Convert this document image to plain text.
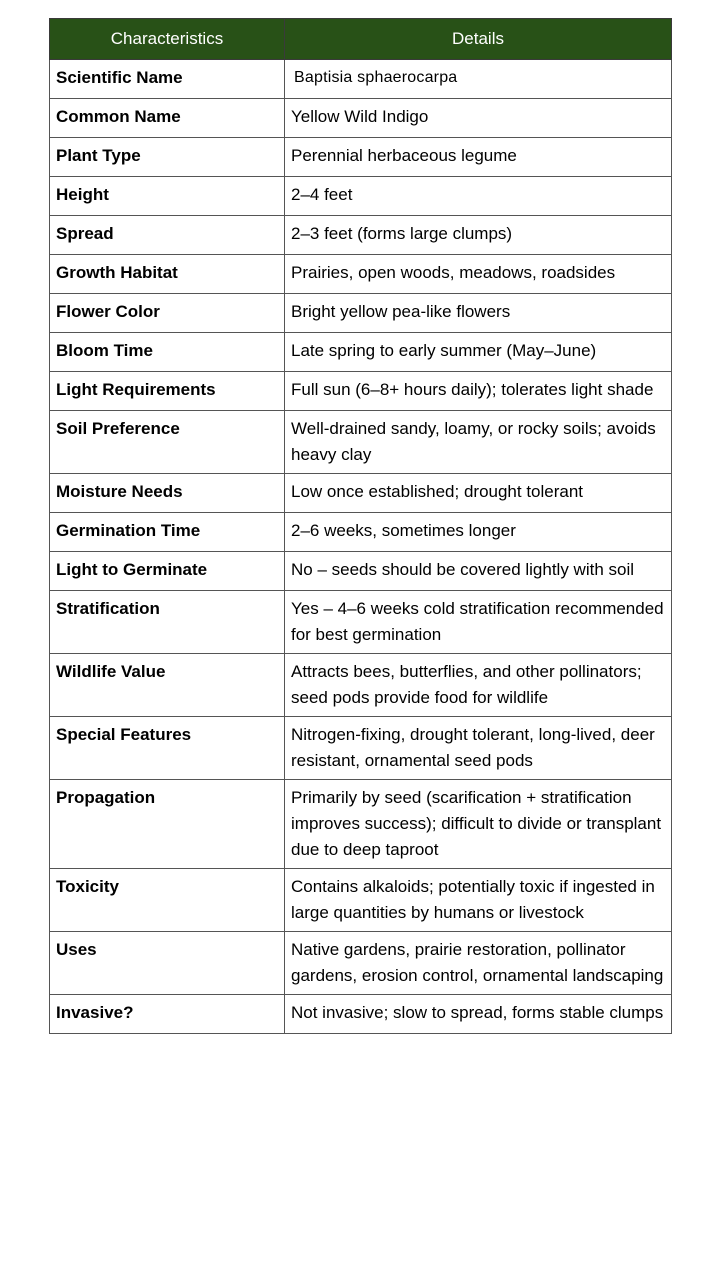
Characteristics	Details
Scientific Name	Baptisia sphaerocarpa
Common Name	Yellow Wild Indigo
Plant Type	Perennial herbaceous legume
Height	2–4 feet
Spread	2–3 feet (forms large clumps)
Growth Habitat	Prairies, open woods, meadows, roadsides
Flower Color	Bright yellow pea-like flowers
Bloom Time	Late spring to early summer (May–June)
Light Requirements	Full sun (6–8+ hours daily); tolerates light shade
Soil Preference	Well-drained sandy, loamy, or rocky soils; avoids heavy clay
Moisture Needs	Low once established; drought tolerant
Germination Time	2–6 weeks, sometimes longer
Light to Germinate	No – seeds should be covered lightly with soil
Stratification	Yes – 4–6 weeks cold stratification recommended for best germination
Wildlife Value	Attracts bees, butterflies, and other pollinators; seed pods provide food for wildlife
Special Features	Nitrogen-fixing, drought tolerant, long-lived, deer resistant, ornamental seed pods
Propagation	Primarily by seed (scarification + stratification improves success); difficult to divide or transplant due to deep taproot
Toxicity	Contains alkaloids; potentially toxic if ingested in large quantities by humans or livestock
Uses	Native gardens, prairie restoration, pollinator gardens, erosion control, ornamental landscaping
Invasive?	Not invasive; slow to spread, forms stable clumps
